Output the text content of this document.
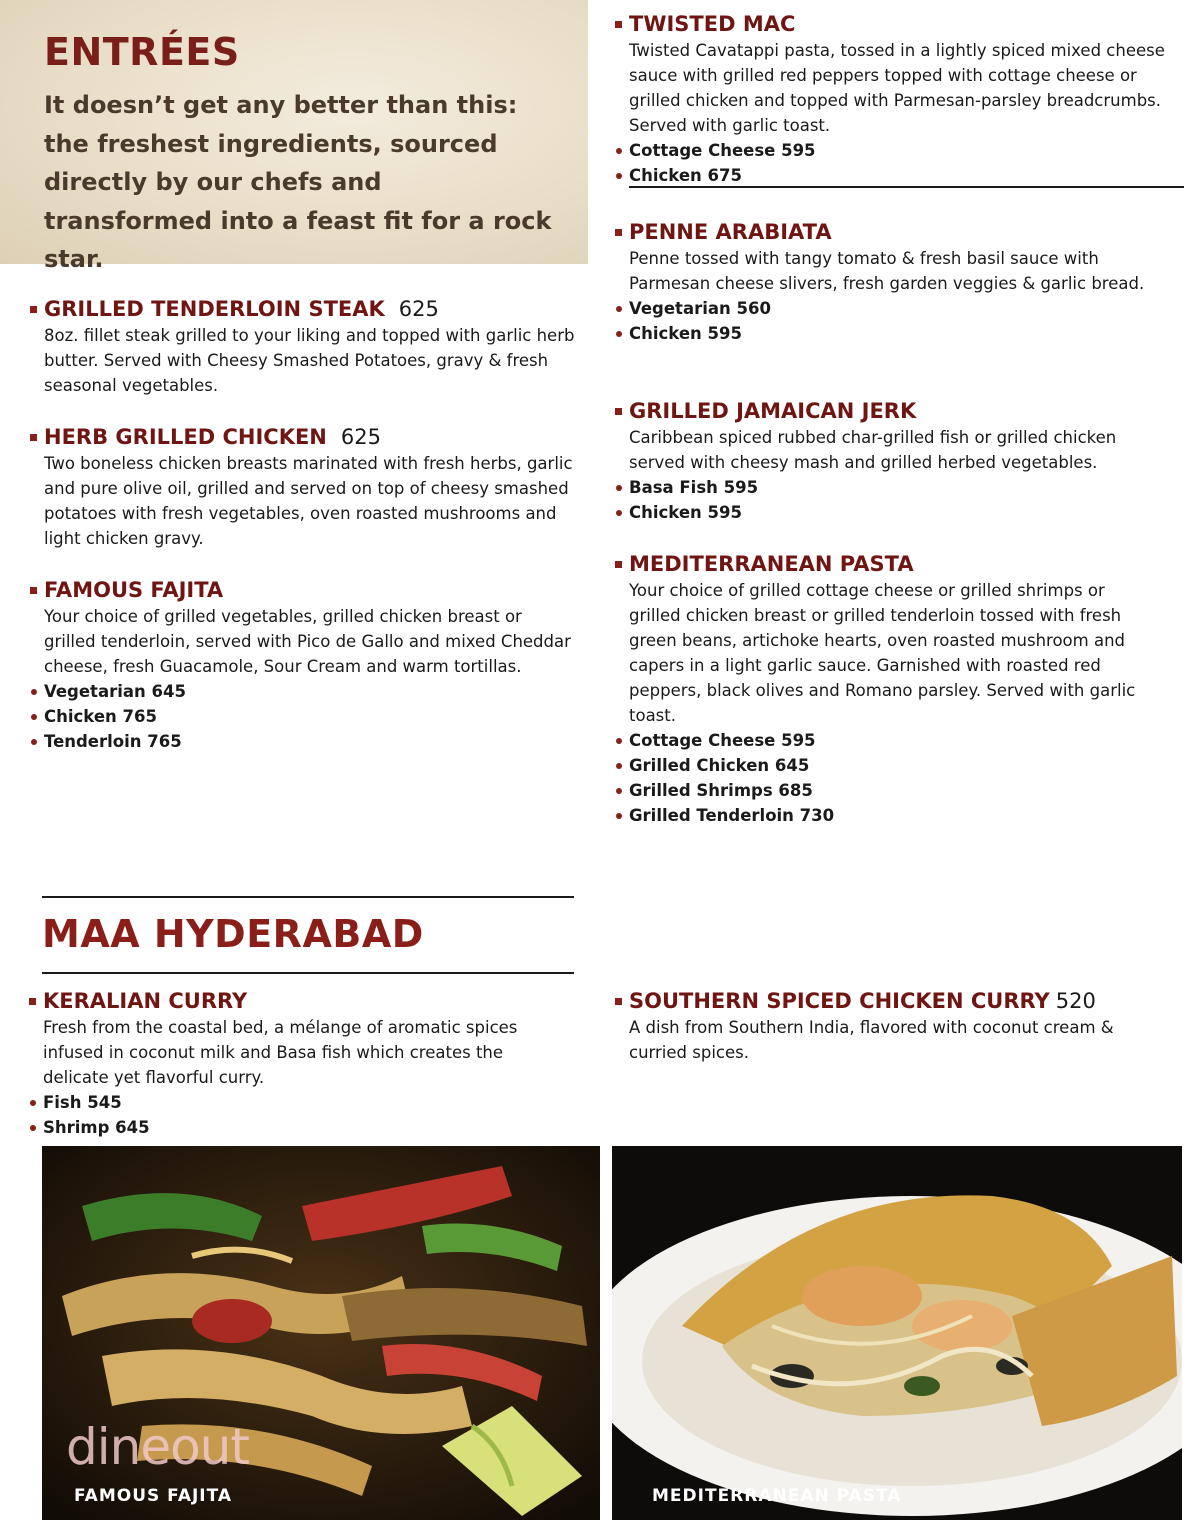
ENTRÉES
It doesn’t get any better than this: the freshest ingredients, sourced directly by our chefs and transformed into a feast fit for a rock star.
GRILLED TENDERLOIN STEAK 625
8oz. fillet steak grilled to your liking and topped with garlic herb butter. Served with Cheesy Smashed Potatoes, gravy & fresh seasonal vegetables.
HERB GRILLED CHICKEN 625
Two boneless chicken breasts marinated with fresh herbs, garlic and pure olive oil, grilled and served on top of cheesy smashed potatoes with fresh vegetables, oven roasted mushrooms and light chicken gravy.
FAMOUS FAJITA
Your choice of grilled vegetables, grilled chicken breast or grilled tenderloin, served with Pico de Gallo and mixed Cheddar cheese, fresh Guacamole, Sour Cream and warm tortillas.
Vegetarian 645
Chicken 765
Tenderloin 765
TWISTED MAC
Twisted Cavatappi pasta, tossed in a lightly spiced mixed cheese sauce with grilled red peppers topped with cottage cheese or grilled chicken and topped with Parmesan-parsley breadcrumbs. Served with garlic toast.
Cottage Cheese 595
Chicken 675
PENNE ARABIATA
Penne tossed with tangy tomato & fresh basil sauce with Parmesan cheese slivers, fresh garden veggies & garlic bread.
Vegetarian 560
Chicken 595
GRILLED JAMAICAN JERK
Caribbean spiced rubbed char-grilled fish or grilled chicken served with cheesy mash and grilled herbed vegetables.
Basa Fish 595
Chicken 595
MEDITERRANEAN PASTA
Your choice of grilled cottage cheese or grilled shrimps or grilled chicken breast or grilled tenderloin tossed with fresh green beans, artichoke hearts, oven roasted mushroom and capers in a light garlic sauce. Garnished with roasted red peppers, black olives and Romano parsley. Served with garlic toast.
Cottage Cheese 595
Grilled Chicken 645
Grilled Shrimps 685
Grilled Tenderloin 730
MAA HYDERABAD
KERALIAN CURRY
Fresh from the coastal bed, a mélange of aromatic spices infused in coconut milk and Basa fish which creates the delicate yet flavorful curry.
Fish 545
Shrimp 645
SOUTHERN SPICED CHICKEN CURRY 520
A dish from Southern India, flavored with coconut cream & curried spices.
dineout
FAMOUS FAJITA	MEDITERRANEAN PASTA
